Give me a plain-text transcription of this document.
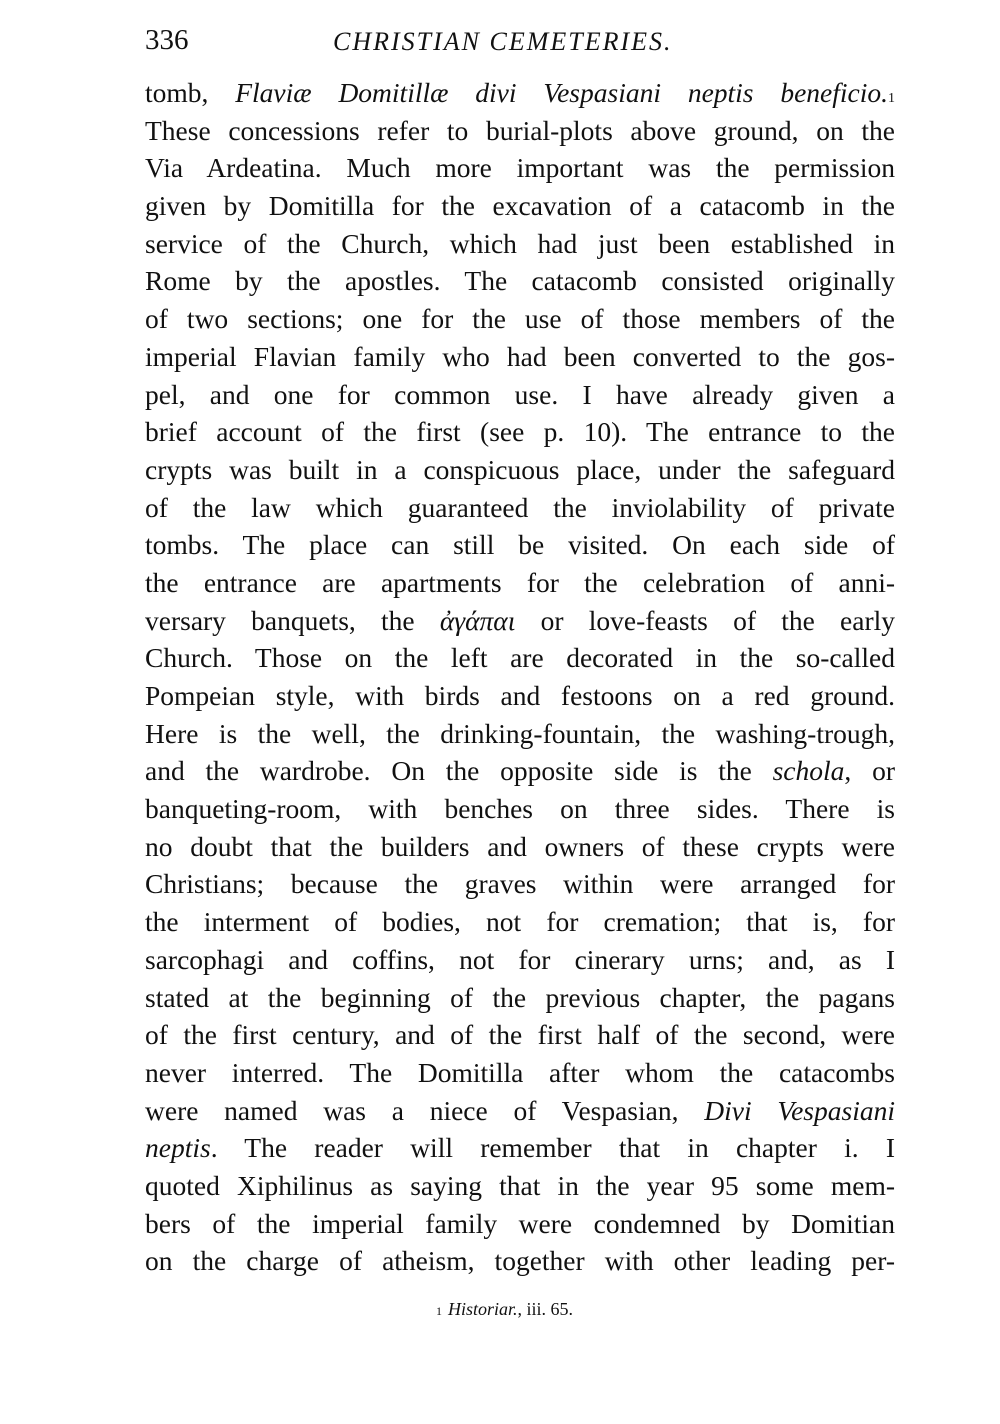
336	CHRISTIAN CEMETERIES.
tomb, Flaviæ Domitillæ divi Vespasiani neptis beneficio.$^1$
These concessions refer to burial-plots above ground, on the
Via Ardeatina. Much more important was the permission
given by Domitilla for the excavation of a catacomb in the
service of the Church, which had just been established in
Rome by the apostles. The catacomb consisted originally
of two sections; one for the use of those members of the
imperial Flavian family who had been converted to the gos-
pel, and one for common use. I have already given a
brief account of the first (see p. 10). The entrance to the
crypts was built in a conspicuous place, under the safeguard
of the law which guaranteed the inviolability of private
tombs. The place can still be visited. On each side of
the entrance are apartments for the celebration of anni-
versary banquets, the ἀγάπαι or love-feasts of the early
Church. Those on the left are decorated in the so-called
Pompeian style, with birds and festoons on a red ground.
Here is the well, the drinking-fountain, the washing-trough,
and the wardrobe. On the opposite side is the schola, or
banqueting-room, with benches on three sides. There is
no doubt that the builders and owners of these crypts were
Christians; because the graves within were arranged for
the interment of bodies, not for cremation; that is, for
sarcophagi and coffins, not for cinerary urns; and, as I
stated at the beginning of the previous chapter, the pagans
of the first century, and of the first half of the second, were
never interred. The Domitilla after whom the catacombs
were named was a niece of Vespasian, Divi Vespasiani
neptis. The reader will remember that in chapter i. I
quoted Xiphilinus as saying that in the year 95 some mem-
bers of the imperial family were condemned by Domitian
on the charge of atheism, together with other leading per-
$^1$ Historiar., iii. 65.
